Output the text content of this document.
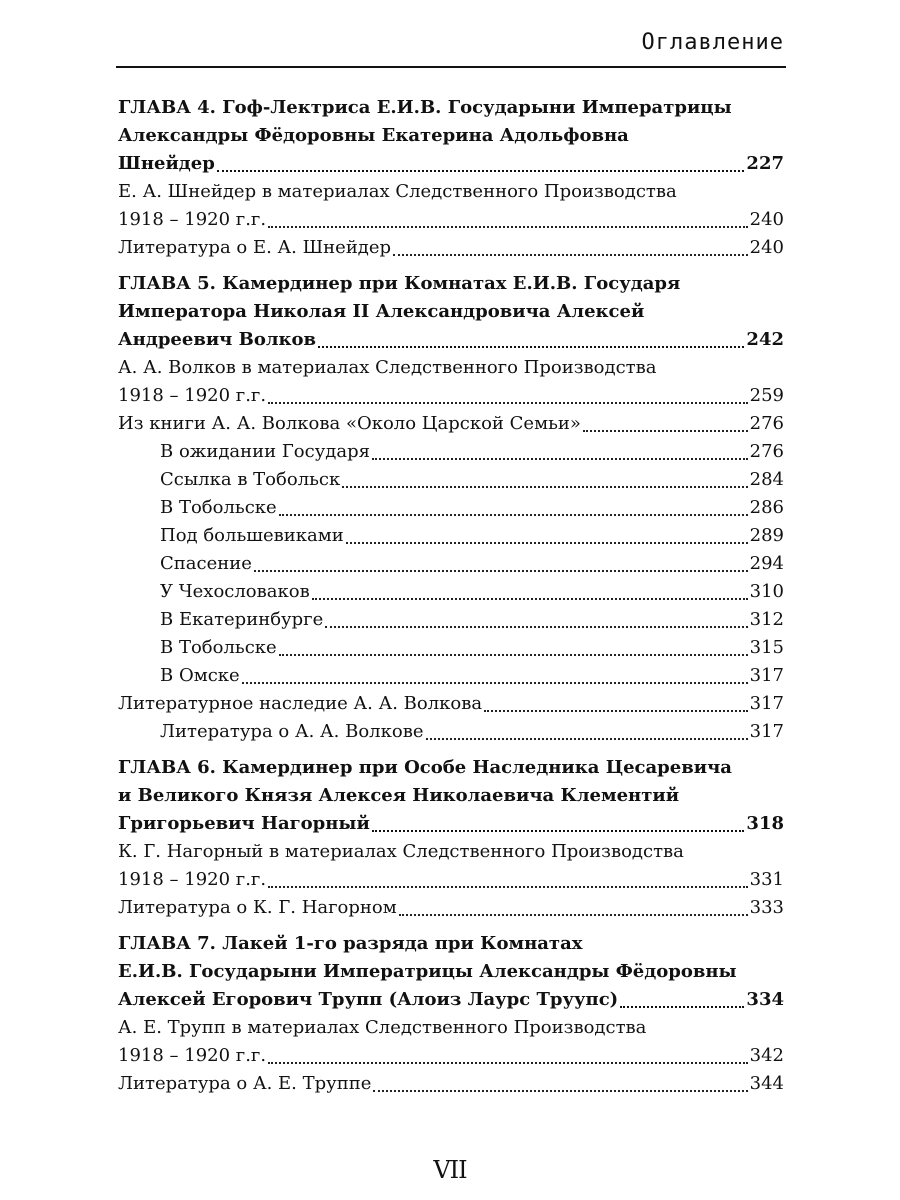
Оглавление
ГЛАВА 4. Гоф-Лектриса Е.И.В. Государыни Императрицы
Александры Фёдоровны Екатерина Адольфовна
Шнейдер	227
Е. А. Шнейдер в материалах Следственного Производства
1918 – 1920 г.г.	240
Литература о Е. А. Шнейдер	240
ГЛАВА 5. Камердинер при Комнатах Е.И.В. Государя
Императора Николая II Александровича Алексей
Андреевич Волков	242
А. А. Волков в материалах Следственного Производства
1918 – 1920 г.г.	259
Из книги А. А. Волкова «Около Царской Семьи»	276
В ожидании Государя	276
Ссылка в Тобольск	284
В Тобольске	286
Под большевиками	289
Спасение	294
У Чехословаков	310
В Екатеринбурге	312
В Тобольске	315
В Омске	317
Литературное наследие А. А. Волкова	317
Литература о А. А. Волкове	317
ГЛАВА 6. Камердинер при Особе Наследника Цесаревича
и Великого Князя Алексея Николаевича Клементий
Григорьевич Нагорный	318
К. Г. Нагорный в материалах Следственного Производства
1918 – 1920 г.г.	331
Литература о К. Г. Нагорном	333
ГЛАВА 7. Лакей 1-го разряда при Комнатах
Е.И.В. Государыни Императрицы Александры Фёдоровны
Алексей Егорович Трупп (Алоиз Лаурс Труупс)	334
А. Е. Трупп в материалах Следственного Производства
1918 – 1920 г.г.	342
Литература о А. Е. Труппе	344
VII
